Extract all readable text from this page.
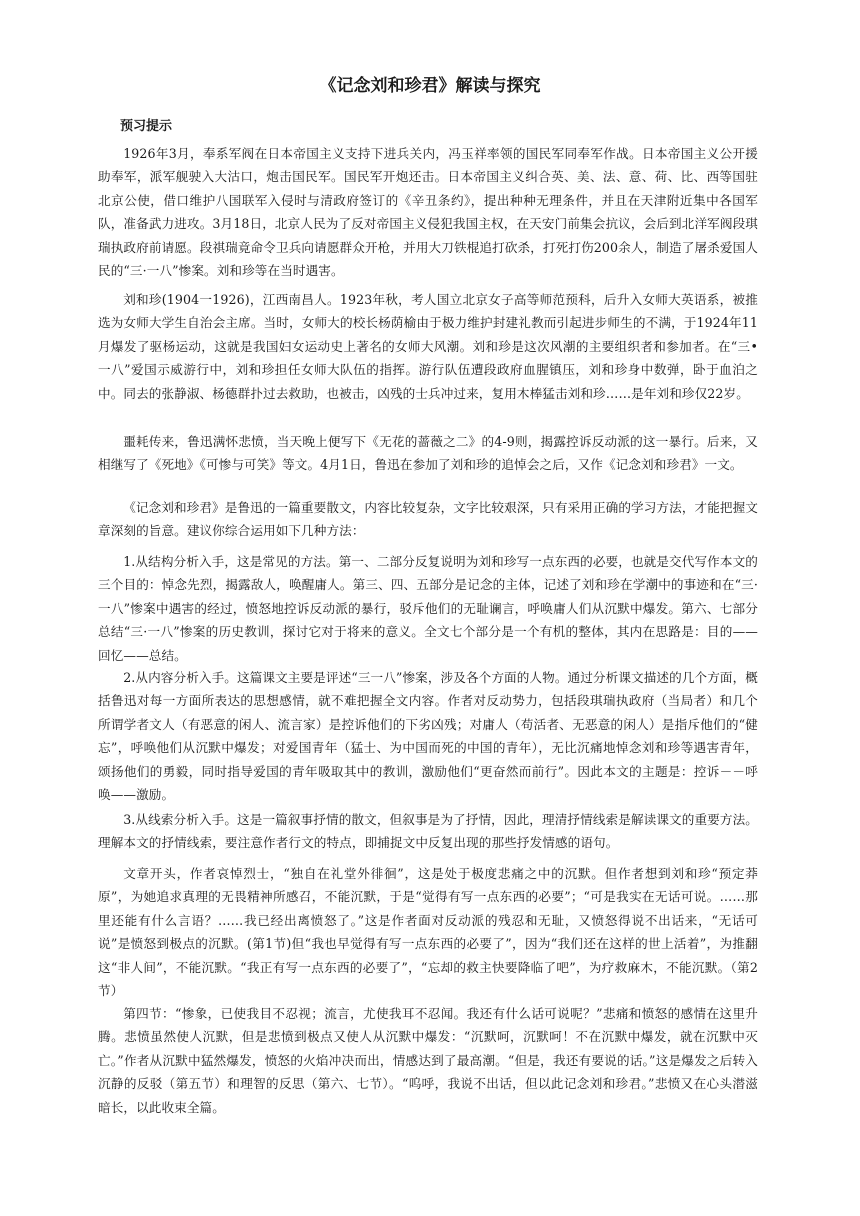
《记念刘和珍君》解读与探究
预习提示

1926年3月，奉系军阀在日本帝国主义支持下进兵关内，冯玉祥率领的国民军同奉军作战。日本帝国主义公开援助奉军，派军舰驶入大沽口，炮击国民军。国民军开炮还击。日本帝国主义纠合英、美、法、意、荷、比、西等国驻北京公使，借口维护八国联军入侵时与清政府签订的《辛丑条约》，提出种种无理条件，并且在天津附近集中各国军队，准备武力进攻。3月18日，北京人民为了反对帝国主义侵犯我国主权，在天安门前集会抗议，会后到北洋军阀段琪瑞执政府前请愿。段祺瑞竟命令卫兵向请愿群众开枪，并用大刀铁棍追打砍杀，打死打伤200余人，制造了屠杀爱国人民的“三·一八”惨案。刘和珍等在当时遇害。

刘和珍(1904一1926)，江西南昌人。1923年秋，考人国立北京女子高等师范预科，后升入女师大英语系，被推选为女师大学生自治会主席。当时，女师大的校长杨荫榆由于极力维护封建礼教而引起进步师生的不满，于1924年11月爆发了驱杨运动，这就是我国妇女运动史上著名的女师大风潮。刘和珍是这次风潮的主要组织者和参加者。在“三•一八”爱国示威游行中，刘和珍担任女师大队伍的指挥。游行队伍遭段政府血腥镇压，刘和珍身中数弹，卧于血泊之中。同去的张静淑、杨德群扑过去救助，也被击，凶残的士兵冲过来，复用木棒猛击刘和珍……是年刘和珍仅22岁。

噩耗传来，鲁迅满怀悲愤，当天晚上便写下《无花的蔷薇之二》的4-9则，揭露控诉反动派的这一暴行。后来，又相继写了《死地》《可惨与可笑》等文。4月1日，鲁迅在参加了刘和珍的追悼会之后，又作《记念刘和珍君》一文。

《记念刘和珍君》是鲁迅的一篇重要散文，内容比较复杂，文字比较艰深，只有采用正确的学习方法，才能把握文章深刻的旨意。建议你综合运用如下几种方法：

1.从结构分析入手，这是常见的方法。第一、二部分反复说明为刘和珍写一点东西的必要，也就是交代写作本文的三个目的：悼念先烈，揭露敌人，唤醒庸人。第三、四、五部分是记念的主体，记述了刘和珍在学潮中的事迹和在“三·一八”惨案中遇害的经过，愤怒地控诉反动派的暴行，驳斥他们的无耻谰言，呼唤庸人们从沉默中爆发。第六、七部分总结“三·一八”惨案的历史教训，探讨它对于将来的意义。全文七个部分是一个有机的整体，其内在思路是：目的——回忆——总结。

2.从内容分析入手。这篇课文主要是评述“三一八”惨案，涉及各个方面的人物。通过分析课文描述的几个方面，概括鲁迅对每一方面所表达的思想感情，就不难把握全文内容。作者对反动势力，包括段琪瑞执政府（当局者）和几个所谓学者文人（有恶意的闲人、流言家）是控诉他们的下劣凶残；对庸人（苟活者、无恶意的闲人）是指斥他们的“健忘”，呼唤他们从沉默中爆发；对爱国青年（猛士、为中国而死的中国的青年），无比沉痛地悼念刘和珍等遇害青年，颂扬他们的勇毅，同时指导爱国的青年吸取其中的教训，激励他们“更奋然而前行”。因此本文的主题是：控诉－－呼唤——激励。

3.从线索分析入手。这是一篇叙事抒情的散文，但叙事是为了抒情，因此，理清抒情线索是解读课文的重要方法。理解本文的抒情线索，要注意作者行文的特点，即捕捉文中反复出现的那些抒发情感的语句。

文章开头，作者哀悼烈士，“独自在礼堂外徘徊”，这是处于极度悲痛之中的沉默。但作者想到刘和珍“预定莽原”，为她追求真理的无畏精神所感召，不能沉默，于是“觉得有写一点东西的必要”；“可是我实在无话可说。……那里还能有什么言语？……我已经出离愤怒了。”这是作者面对反动派的残忍和无耻，又愤怒得说不出话来，“无话可说”是愤怒到极点的沉默。(第1节)但“我也早觉得有写一点东西的必要了”，因为“我们还在这样的世上活着”，为推翻这“非人间”，不能沉默。“我正有写一点东西的必要了”，“忘却的救主快要降临了吧”，为疗救麻木，不能沉默。（第2节）

第四节：“惨象，已使我目不忍视；流言，尤使我耳不忍闻。我还有什么话可说呢？”悲痛和愤怒的感情在这里升腾。悲愤虽然使人沉默，但是悲愤到极点又使人从沉默中爆发：“沉默呵，沉默呵！不在沉默中爆发，就在沉默中灭亡。”作者从沉默中猛然爆发，愤怒的火焰冲决而出，情感达到了最高潮。“但是，我还有要说的话。”这是爆发之后转入沉静的反驳（第五节）和理智的反思（第六、七节）。“呜呼，我说不出话，但以此记念刘和珍君。”悲愤又在心头潜滋暗长，以此收束全篇。
